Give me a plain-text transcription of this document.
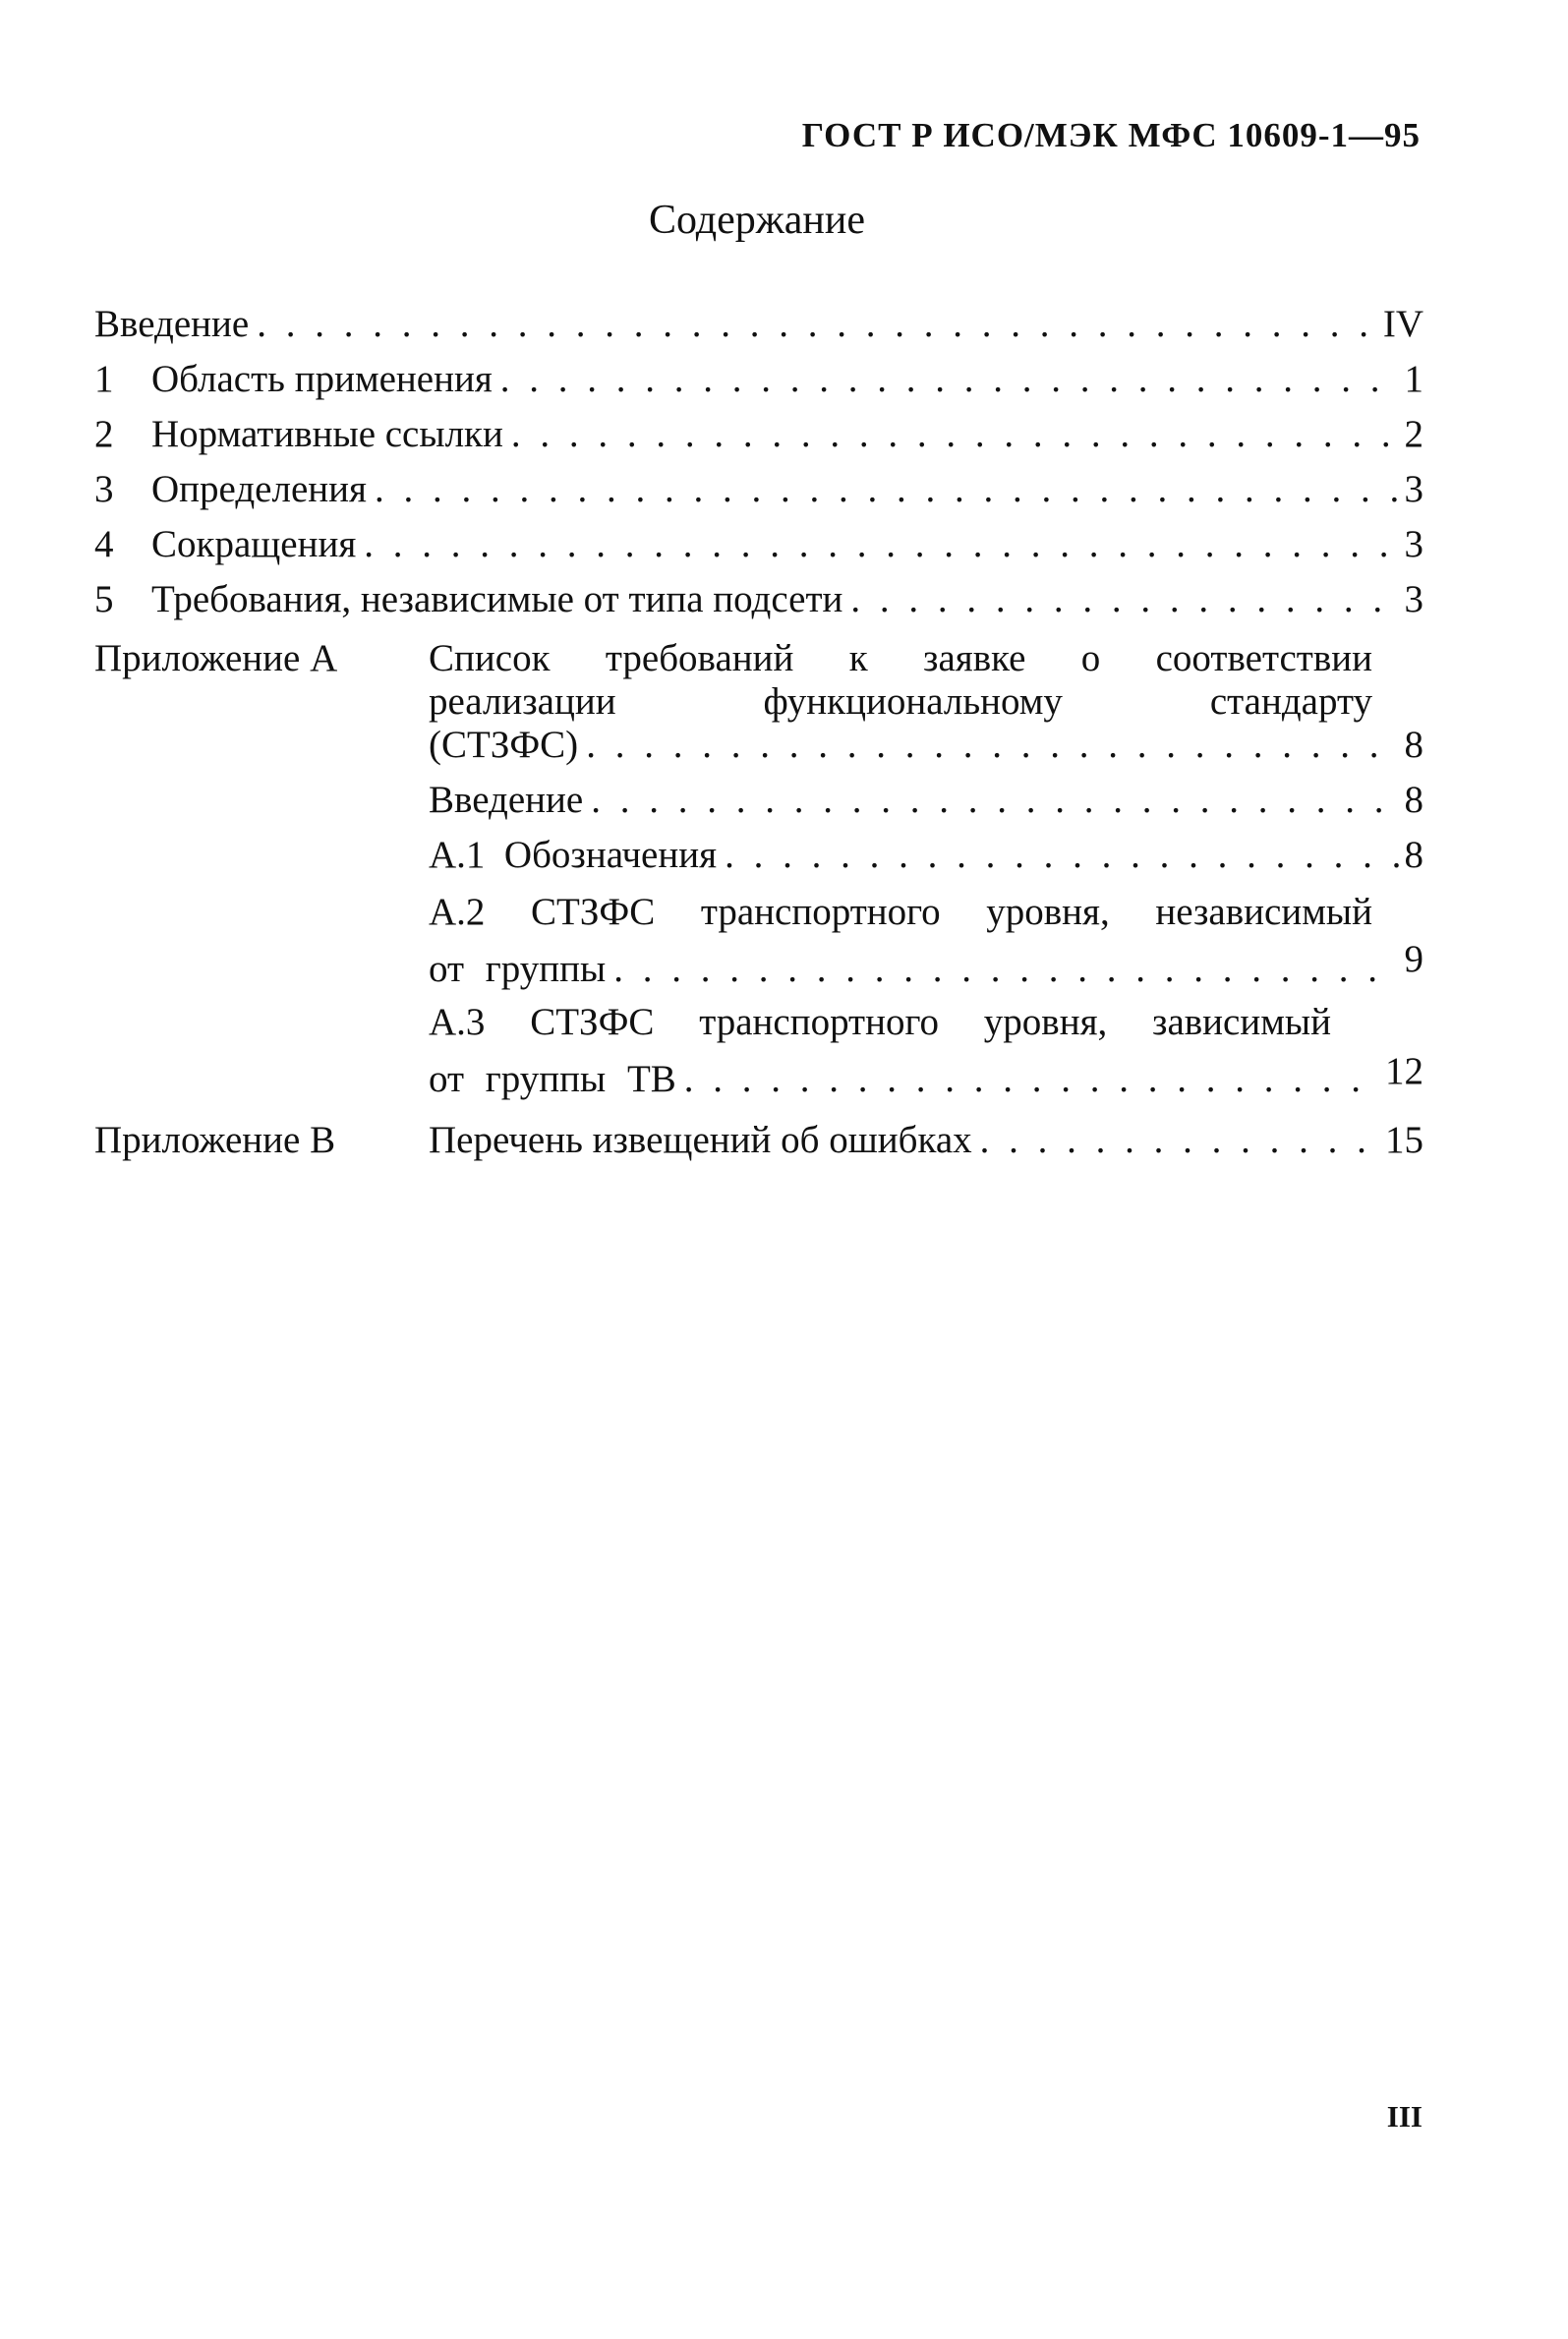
ГОСТ Р ИСО/МЭК МФС 10609-1—95
Содержание
Введение . . .	IV
1 Область применения . . .	1
2 Нормативные ссылки . . .	2
3 Определения . . .	3
4 Сокращения . . .	3
5 Требования, независимые от типа подсети . . .	3
Приложение А Список требований к заявке о соответствии
реализации	функциональному	стандарту
(СТЗФС) . . .	8
Введение . . .	8
А.1  Обозначения . . .	8
А.2 СТЗФС транспортного уровня, независимый
от группы . . .	9
А.3 СТЗФС транспортного уровня, зависимый
от группы ТВ . . .	12
Приложение В Перечень извещений об ошибках . . .	15
III
